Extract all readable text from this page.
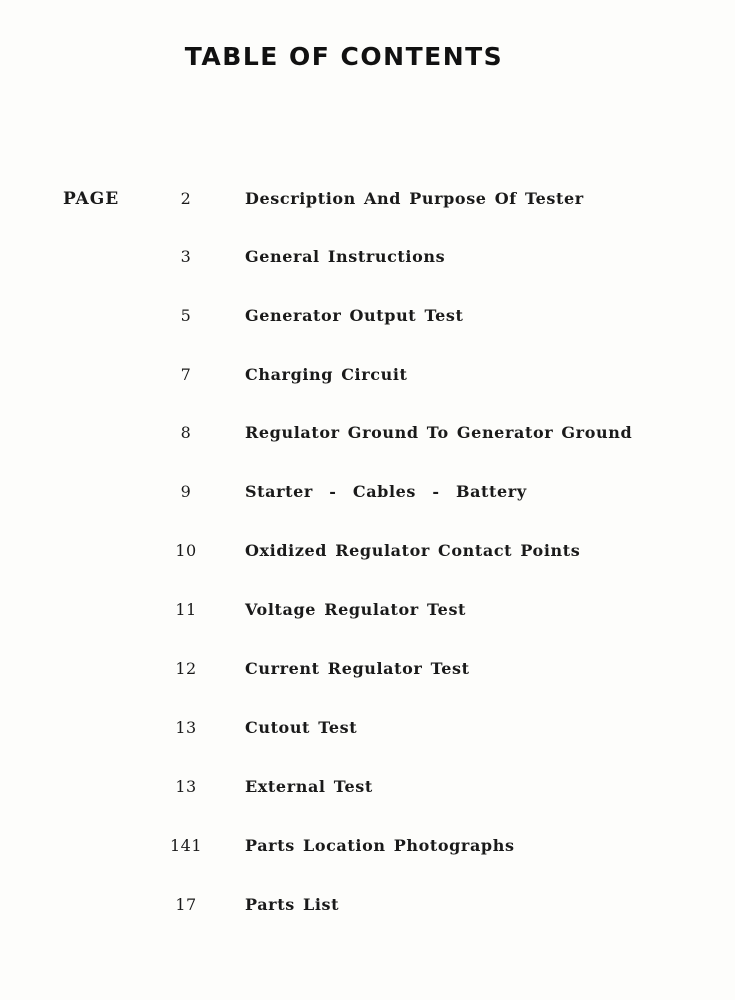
TABLE OF CONTENTS
PAGE	2	Description And Purpose Of Tester
3	General Instructions
5	Generator Output Test
7	Charging Circuit
8	Regulator Ground To Generator Ground
9	Starter  -  Cables  -  Battery
10	Oxidized Regulator Contact Points
11	Voltage Regulator Test
12	Current Regulator Test
13	Cutout Test
13	External Test
141	Parts Location Photographs
17	Parts List
